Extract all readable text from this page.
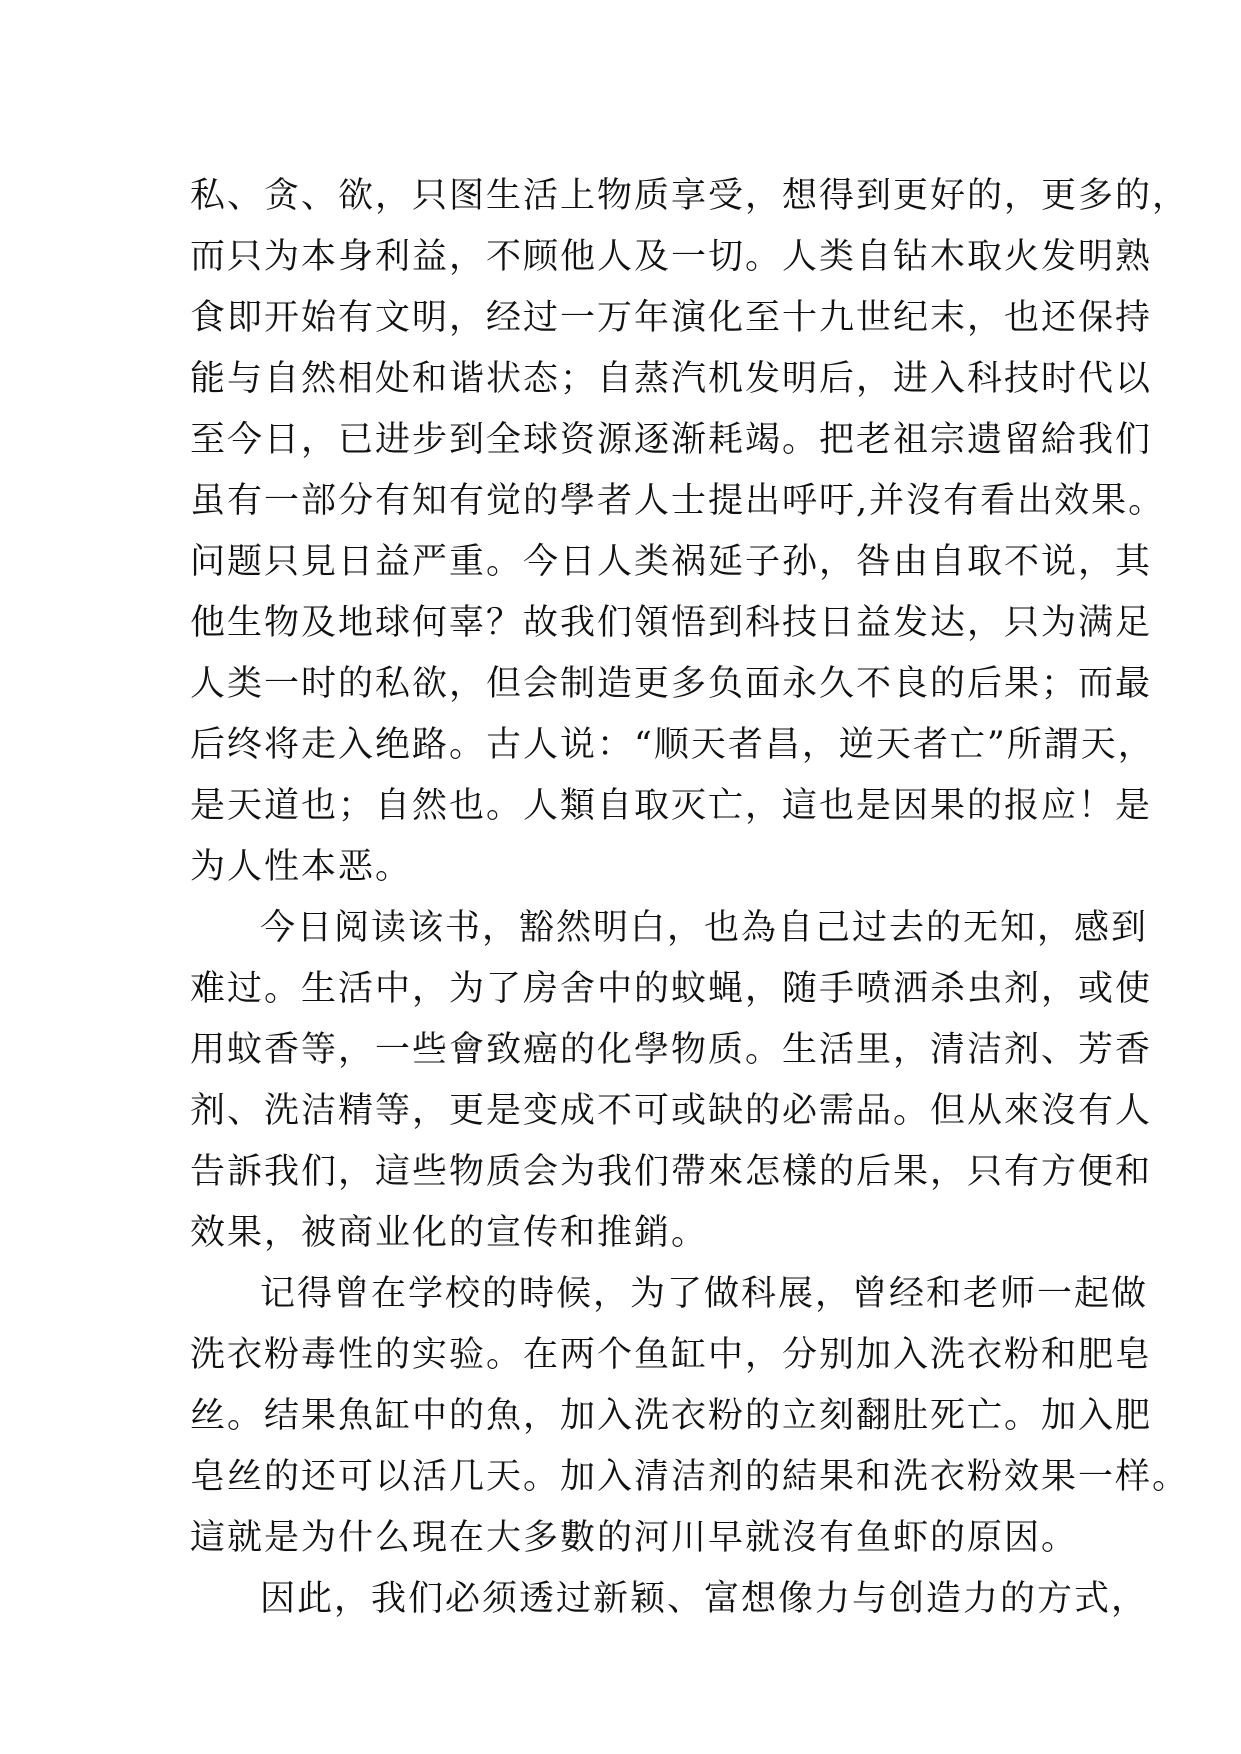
私、贪、欲，只图生活上物质享受，想得到更好的，更多的，
而只为本身利益，不顾他人及一切。人类自钻木取火发明熟
食即开始有文明，经过一万年演化至十九世纪末，也还保持
能与自然相处和谐状态；自蒸汽机发明后，进入科技时代以
至今日，已进步到全球资源逐渐耗竭。把老祖宗遗留給我们
虽有一部分有知有觉的學者人士提出呼吁,并沒有看出效果。
问题只見日益严重。今日人类祸延子孙，咎由自取不说，其
他生物及地球何辜？故我们領悟到科技日益发达，只为满足
人类一时的私欲，但会制造更多负面永久不良的后果；而最
后终将走入绝路。古人说：“顺天者昌，逆天者亡”所謂天，
是天道也；自然也。人類自取灭亡，這也是因果的报应！是
为人性本恶。
今日阅读该书，豁然明白，也為自己过去的无知，感到
难过。生活中，为了房舍中的蚊蝇，随手喷洒杀虫剂，或使
用蚊香等，一些會致癌的化學物质。生活里，清洁剂、芳香
剂、洗洁精等，更是变成不可或缺的必需品。但从來沒有人
告訴我们，這些物质会为我们帶來怎樣的后果，只有方便和
效果，被商业化的宣传和推銷。
记得曾在学校的時候，为了做科展，曾经和老师一起做
洗衣粉毒性的实验。在两个鱼缸中，分别加入洗衣粉和肥皂
丝。结果魚缸中的魚，加入洗衣粉的立刻翻肚死亡。加入肥
皂丝的还可以活几天。加入清洁剂的結果和洗衣粉效果一样。
這就是为什么現在大多數的河川早就沒有鱼虾的原因。
因此，我们必须透过新颖、富想像力与创造力的方式，
